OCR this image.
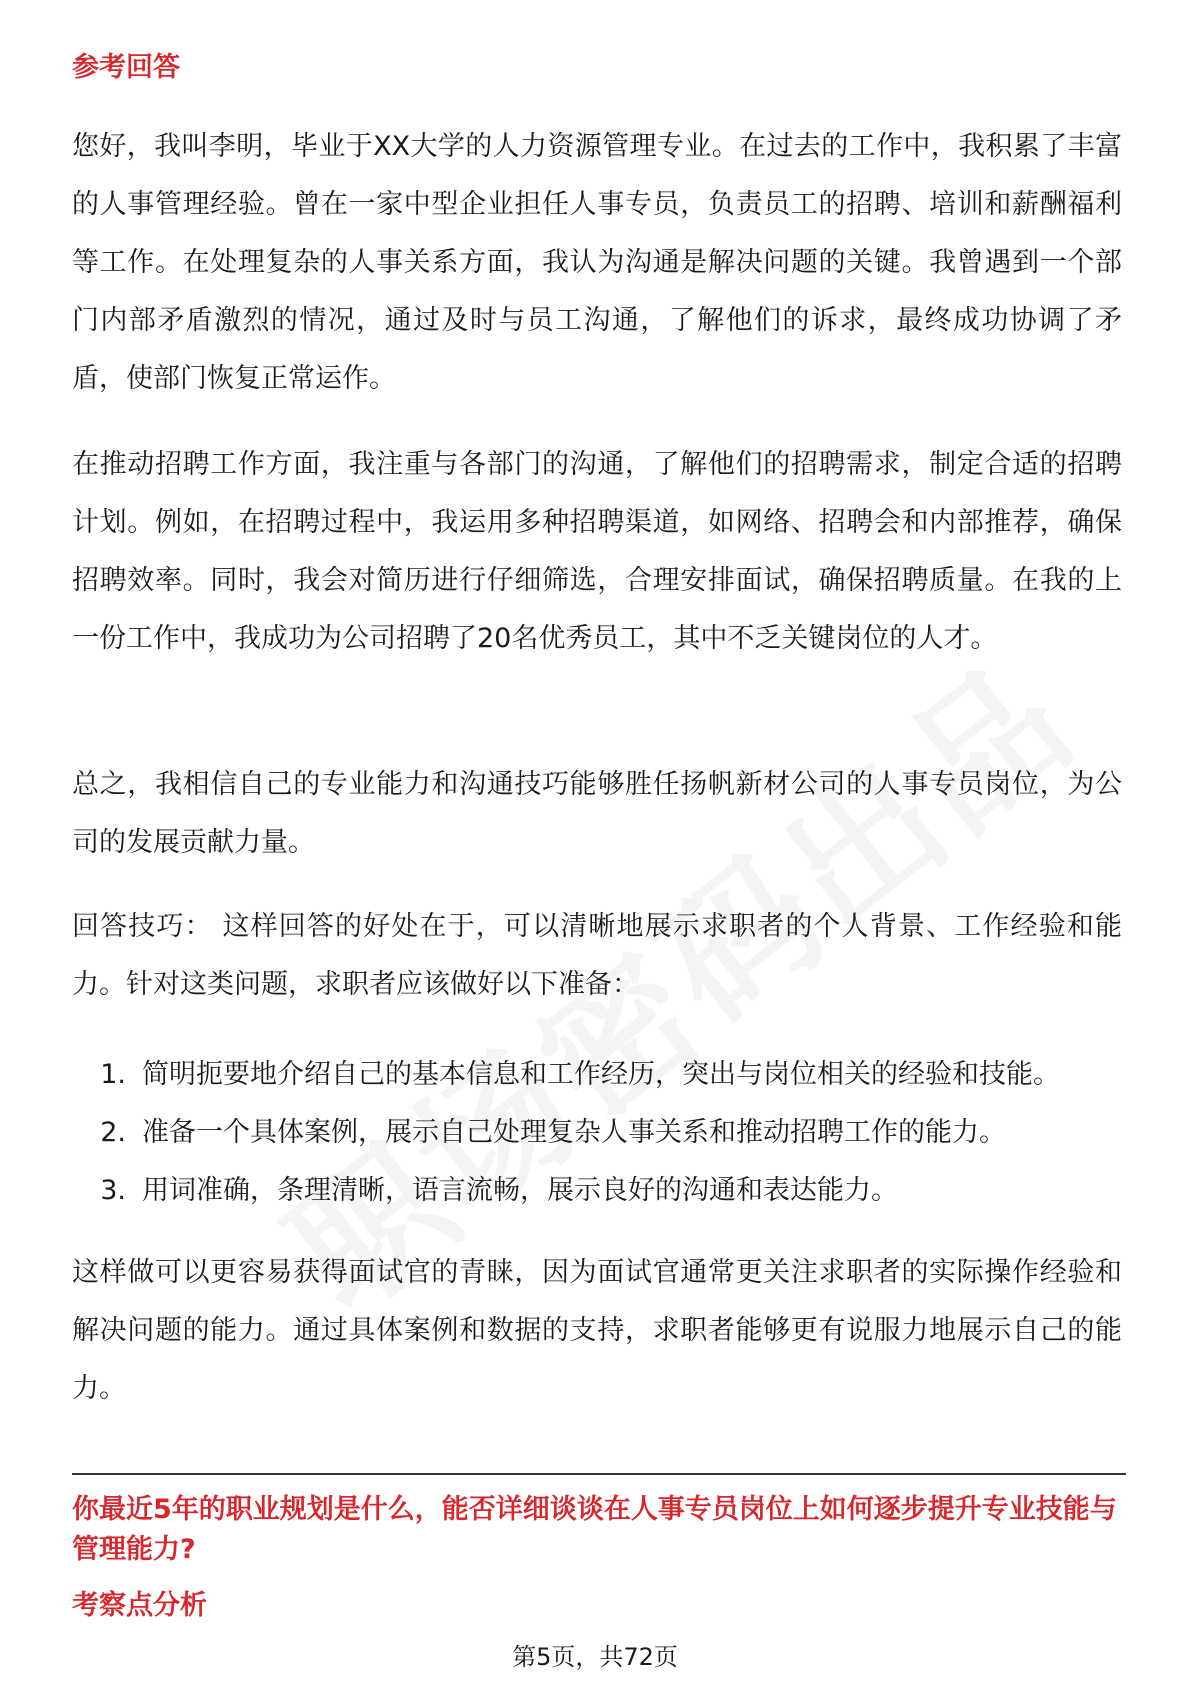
参考回答

您好，我叫李明，毕业于XX大学的人力资源管理专业。在过去的工作中，我积累了丰富的人事管理经验。曾在一家中型企业担任人事专员，负责员工的招聘、培训和薪酬福利等工作。在处理复杂的人事关系方面，我认为沟通是解决问题的关键。我曾遇到一个部门内部矛盾激烈的情况，通过及时与员工沟通，了解他们的诉求，最终成功协调了矛盾，使部门恢复正常运作。

在推动招聘工作方面，我注重与各部门的沟通，了解他们的招聘需求，制定合适的招聘计划。例如，在招聘过程中，我运用多种招聘渠道，如网络、招聘会和内部推荐，确保招聘效率。同时，我会对简历进行仔细筛选，合理安排面试，确保招聘质量。在我的上一份工作中，我成功为公司招聘了20名优秀员工，其中不乏关键岗位的人才。

总之，我相信自己的专业能力和沟通技巧能够胜任扬帆新材公司的人事专员岗位，为公司的发展贡献力量。

回答技巧： 这样回答的好处在于，可以清晰地展示求职者的个人背景、工作经验和能力。针对这类问题，求职者应该做好以下准备：

1. 简明扼要地介绍自己的基本信息和工作经历，突出与岗位相关的经验和技能。
2. 准备一个具体案例，展示自己处理复杂人事关系和推动招聘工作的能力。
3. 用词准确，条理清晰，语言流畅，展示良好的沟通和表达能力。

这样做可以更容易获得面试官的青睐，因为面试官通常更关注求职者的实际操作经验和解决问题的能力。通过具体案例和数据的支持，求职者能够更有说服力地展示自己的能力。

你最近5年的职业规划是什么，能否详细谈谈在人事专员岗位上如何逐步提升专业技能与管理能力?

考察点分析
第5页，共72页
